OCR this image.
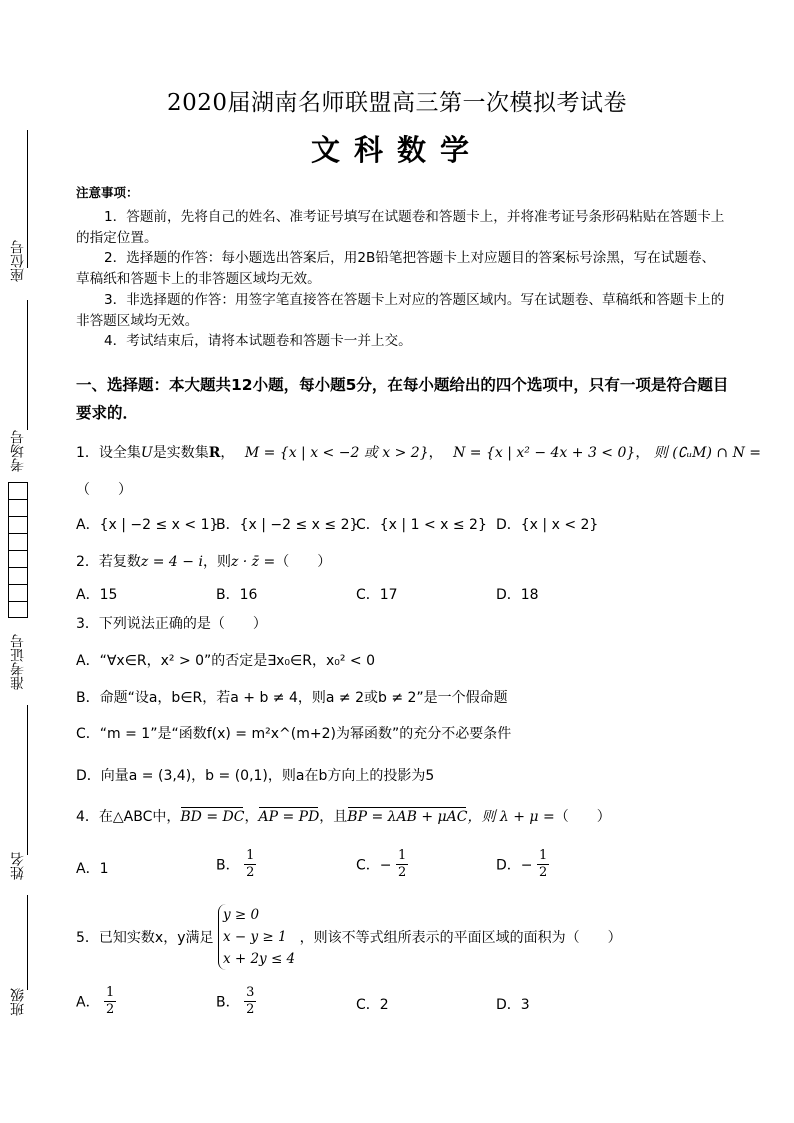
2020届湖南名师联盟高三第一次模拟考试卷
文科数学
座位号
考场号
准考证号
姓名
班级
注意事项：
1．答题前，先将自己的姓名、准考证号填写在试题卷和答题卡上，并将准考证号条形码粘贴在答题卡上的指定位置。
2．选择题的作答：每小题选出答案后，用2B铅笔把答题卡上对应题目的答案标号涂黑，写在试题卷、草稿纸和答题卡上的非答题区域均无效。
3．非选择题的作答：用签字笔直接答在答题卡上对应的答题区域内。写在试题卷、草稿纸和答题卡上的非答题区域均无效。
4．考试结束后，请将本试题卷和答题卡一并上交。
一、选择题：本大题共12小题，每小题5分，在每小题给出的四个选项中，只有一项是符合题目要求的．
1．设全集U是实数集R， M = {x | x < −2 或 x > 2}， N = {x | x² − 4x + 3 < 0}， 则 (∁ᵤM) ∩ N =
（　　）
A．{x | −2 ≤ x < 1}
B．{x | −2 ≤ x ≤ 2}
C．{x | 1 < x ≤ 2} D．{x | x < 2}
2．若复数z = 4 − i，则z · z̄ =（　　）
A．15	B．16	C．17	D．18
3．下列说法正确的是（　　）
A．“∀x∈R，x² > 0”的否定是∃x₀∈R，x₀² < 0
B．命题“设a，b∈R，若a + b ≠ 4，则a ≠ 2或b ≠ 2”是一个假命题
C．“m = 1”是“函数f(x) = m²x^(m+2)为幂函数”的充分不必要条件
D．向量a = (3,4)，b = (0,1)，则a在b方向上的投影为5
4．在△ABC中，BD = DC，AP = PD，且BP = λAB + μAC，则 λ + μ =（　　）
A．1	B． $\frac{1}{2}$	C．− $\frac{1}{2}$	D．− $\frac{1}{2}$
5．已知实数x，y满足
y ≥ 0
x − y ≥ 1
x + 2y ≤ 4
，则该不等式组所表示的平面区域的面积为（　　）
A． $\frac{1}{2}$	B． $\frac{3}{2}$	C．2	D．3
